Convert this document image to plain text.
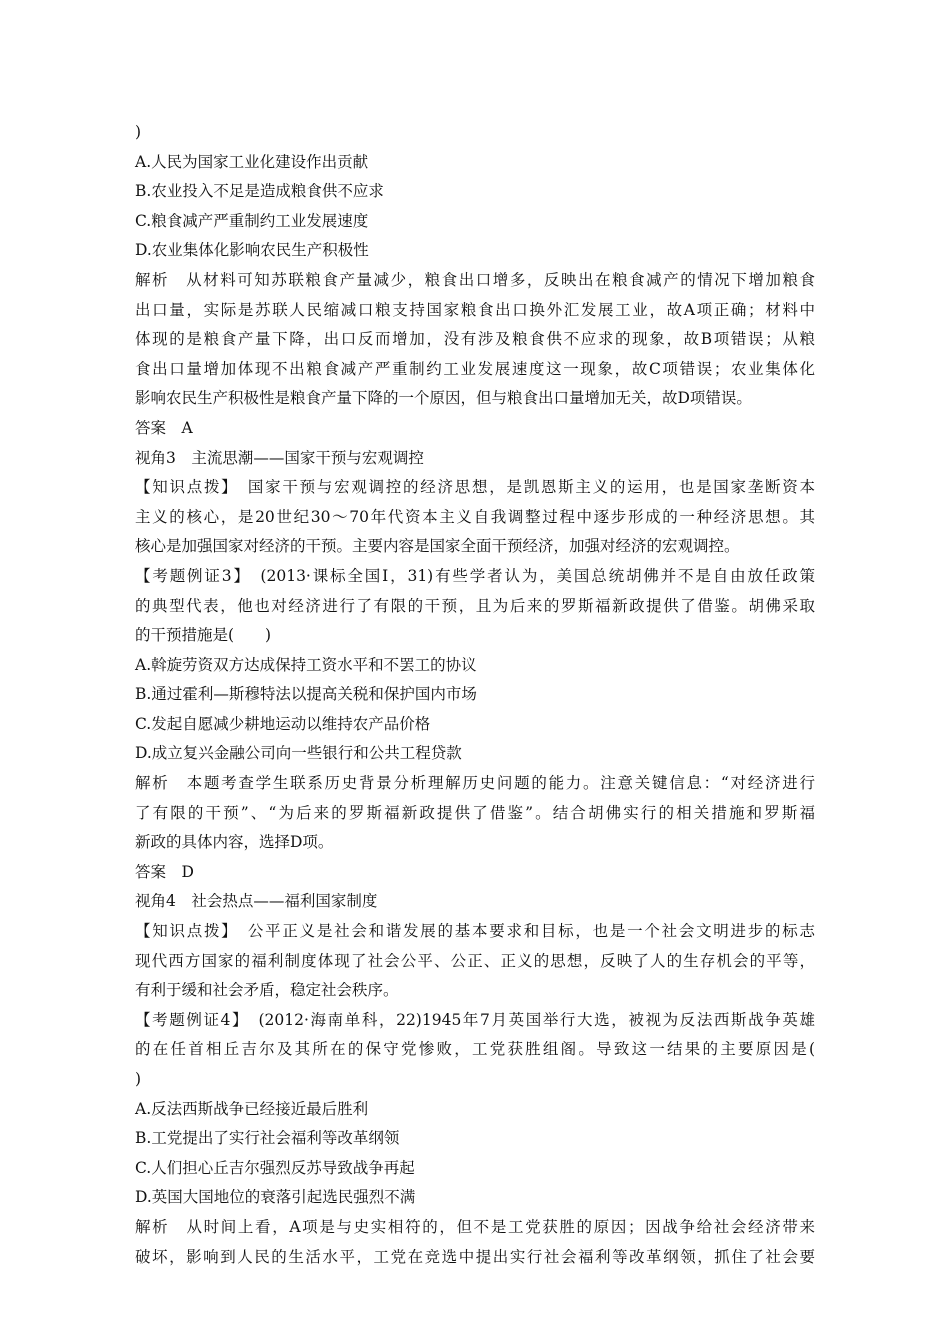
)
A.人民为国家工业化建设作出贡献
B.农业投入不足是造成粮食供不应求
C.粮食减产严重制约工业发展速度
D.农业集体化影响农民生产积极性
解析　从材料可知苏联粮食产量减少，粮食出口增多，反映出在粮食减产的情况下增加粮食
出口量，实际是苏联人民缩减口粮支持国家粮食出口换外汇发展工业，故A项正确；材料中
体现的是粮食产量下降，出口反而增加，没有涉及粮食供不应求的现象，故B项错误；从粮
食出口量增加体现不出粮食减产严重制约工业发展速度这一现象，故C项错误；农业集体化
影响农民生产积极性是粮食产量下降的一个原因，但与粮食出口量增加无关，故D项错误。
答案　A
视角3　主流思潮——国家干预与宏观调控
【知识点拨】　国家干预与宏观调控的经济思想，是凯恩斯主义的运用，也是国家垄断资本
主义的核心，是20世纪30～70年代资本主义自我调整过程中逐步形成的一种经济思想。其
核心是加强国家对经济的干预。主要内容是国家全面干预经济，加强对经济的宏观调控。
【考题例证3】　(2013·课标全国Ⅰ，31)有些学者认为，美国总统胡佛并不是自由放任政策
的典型代表，他也对经济进行了有限的干预，且为后来的罗斯福新政提供了借鉴。胡佛采取
的干预措施是(　　)
A.斡旋劳资双方达成保持工资水平和不罢工的协议
B.通过霍利—斯穆特法以提高关税和保护国内市场
C.发起自愿减少耕地运动以维持农产品价格
D.成立复兴金融公司向一些银行和公共工程贷款
解析　本题考查学生联系历史背景分析理解历史问题的能力。注意关键信息：“对经济进行
了有限的干预”、“为后来的罗斯福新政提供了借鉴”。结合胡佛实行的相关措施和罗斯福
新政的具体内容，选择D项。
答案　D
视角4　社会热点——福利国家制度
【知识点拨】　公平正义是社会和谐发展的基本要求和目标，也是一个社会文明进步的标志
现代西方国家的福利制度体现了社会公平、公正、正义的思想，反映了人的生存机会的平等，
有利于缓和社会矛盾，稳定社会秩序。
【考题例证4】　(2012·海南单科，22)1945年7月英国举行大选，被视为反法西斯战争英雄
的在任首相丘吉尔及其所在的保守党惨败，工党获胜组阁。导致这一结果的主要原因是(
)
A.反法西斯战争已经接近最后胜利
B.工党提出了实行社会福利等改革纲领
C.人们担心丘吉尔强烈反苏导致战争再起
D.英国大国地位的衰落引起选民强烈不满
解析　从时间上看，A项是与史实相符的，但不是工党获胜的原因；因战争给社会经济带来
破坏，影响到人民的生活水平，工党在竞选中提出实行社会福利等改革纲领，抓住了社会要
